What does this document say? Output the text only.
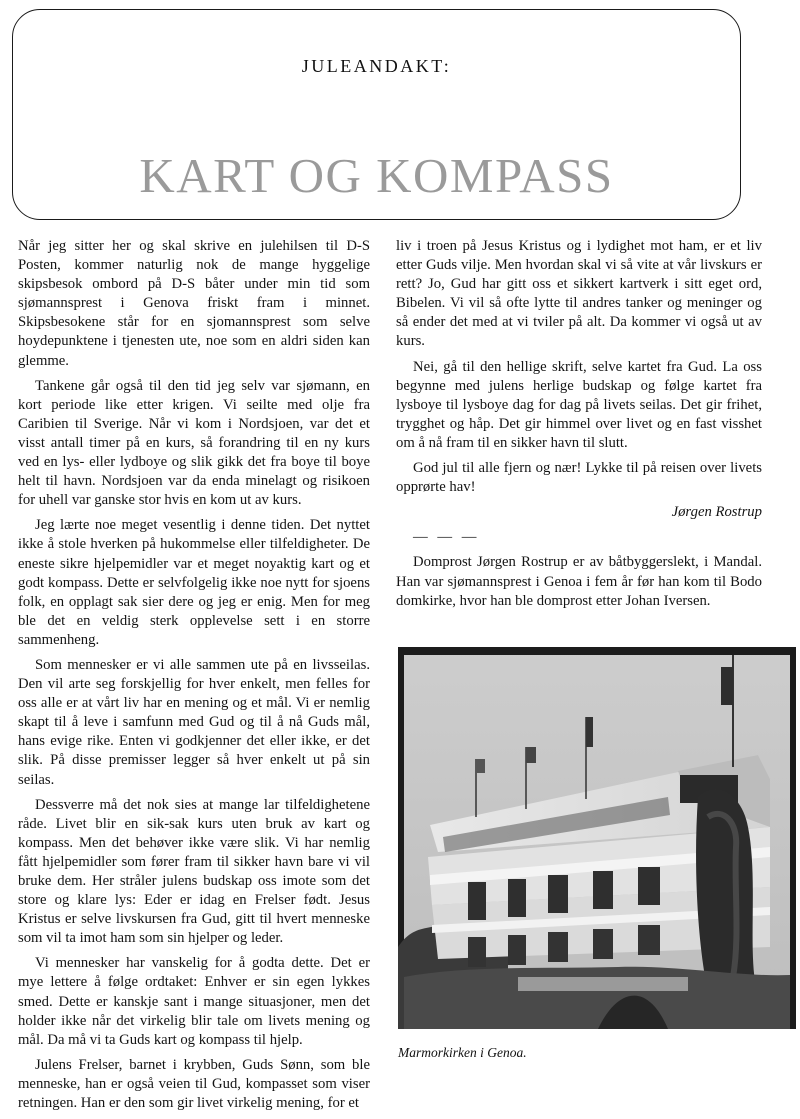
JULEANDAKT:
KART OG KOMPASS

Når jeg sitter her og skal skrive en julehilsen til D-S Posten, kommer naturlig nok de mange hyggelige skipsbesok ombord på D-S båter under min tid som sjømannsprest i Genova friskt fram i minnet. Skipsbesokene står for en sjomannsprest som selve hoydepunktene i tjenesten ute, noe som en aldri siden kan glemme.

Tankene går også til den tid jeg selv var sjømann, en kort periode like etter krigen. Vi seilte med olje fra Caribien til Sverige. Når vi kom i Nordsjoen, var det et visst antall timer på en kurs, så forandring til en ny kurs ved en lys- eller lydboye og slik gikk det fra boye til boye helt til havn. Nordsjoen var da enda minelagt og risikoen for uhell var ganske stor hvis en kom ut av kurs.

Jeg lærte noe meget vesentlig i denne tiden. Det nyttet ikke å stole hverken på hukommelse eller tilfeldigheter. De eneste sikre hjelpemidler var et meget noyaktig kart og et godt kompass. Dette er selvfolgelig ikke noe nytt for sjoens folk, en opplagt sak sier dere og jeg er enig. Men for meg ble det en veldig sterk opplevelse sett i en storre sammenheng.

Som mennesker er vi alle sammen ute på en livsseilas. Den vil arte seg forskjellig for hver enkelt, men felles for oss alle er at vårt liv har en mening og et mål. Vi er nemlig skapt til å leve i samfunn med Gud og til å nå Guds mål, hans evige rike. Enten vi godkjenner det eller ikke, er det slik. På disse premisser legger så hver enkelt ut på sin seilas.

Dessverre må det nok sies at mange lar tilfeldighetene råde. Livet blir en sik-sak kurs uten bruk av kart og kompass. Men det behøver ikke være slik. Vi har nemlig fått hjelpemidler som fører fram til sikker havn bare vi vil bruke dem. Her stråler julens budskap oss imote som det store og klare lys: Eder er idag en Frelser født. Jesus Kristus er selve livskursen fra Gud, gitt til hvert menneske som vil ta imot ham som sin hjelper og leder.

Vi mennesker har vanskelig for å godta dette. Det er mye lettere å følge ordtaket: Enhver er sin egen lykkes smed. Dette er kanskje sant i mange situasjoner, men det holder ikke når det virkelig blir tale om livets mening og mål. Da må vi ta Guds kart og kompass til hjelp.

Julens Frelser, barnet i krybben, Guds Sønn, som ble menneske, han er også veien til Gud, kompasset som viser retningen. Han er den som gir livet virkelig mening, for et

liv i troen på Jesus Kristus og i lydighet mot ham, er et liv etter Guds vilje. Men hvordan skal vi så vite at vår livskurs er rett? Jo, Gud har gitt oss et sikkert kartverk i sitt eget ord, Bibelen. Vi vil så ofte lytte til andres tanker og meninger og så ender det med at vi tviler på alt. Da kommer vi også ut av kurs.

Nei, gå til den hellige skrift, selve kartet fra Gud. La oss begynne med julens herlige budskap og følge kartet fra lysboye til lysboye dag for dag på livets seilas. Det gir frihet, trygghet og håp. Det gir himmel over livet og en fast visshet om å nå fram til en sikker havn til slutt.

God jul til alle fjern og nær! Lykke til på reisen over livets opprørte hav!

Jørgen Rostrup

— — —

Domprost Jørgen Rostrup er av båtbyggerslekt, i Mandal. Han var sjømannsprest i Genoa i fem år før han kom til Bodo domkirke, hvor han ble domprost etter Johan Iversen.

Marmorkirken i Genoa.
